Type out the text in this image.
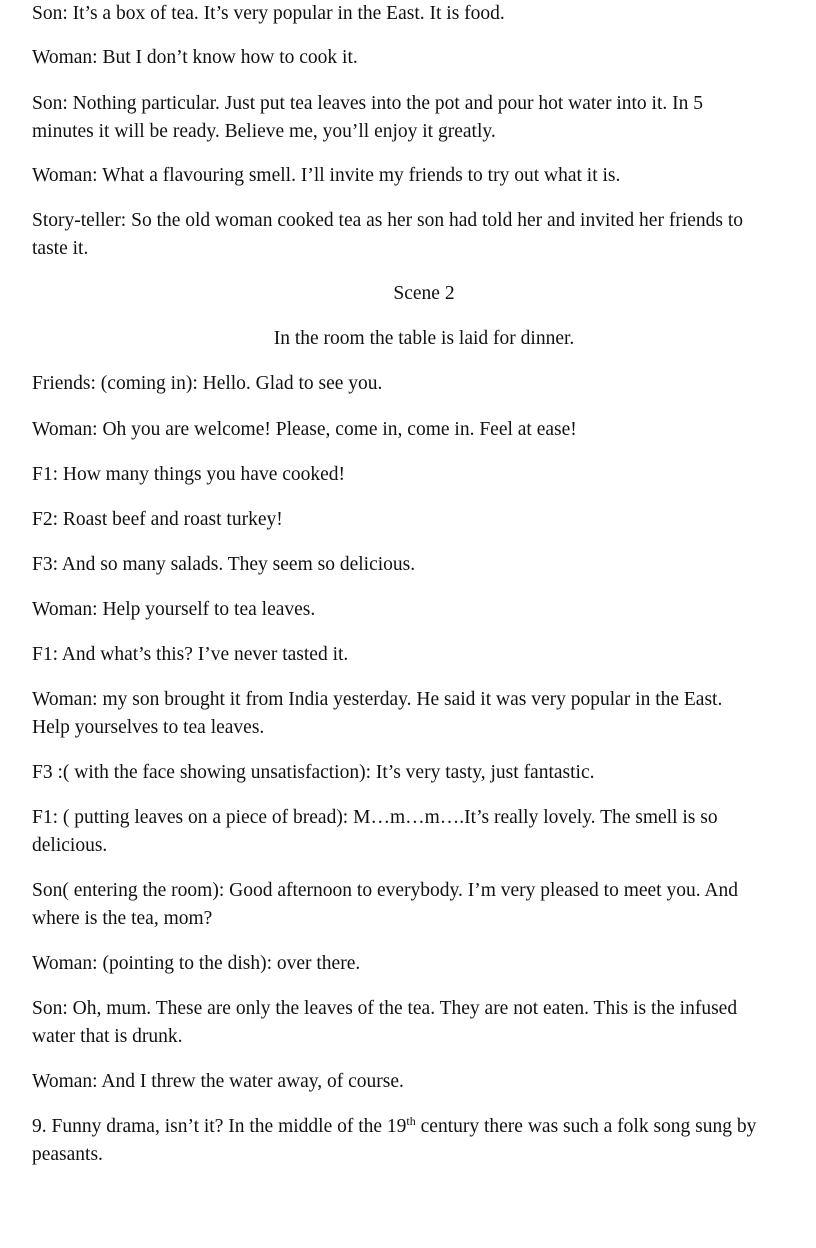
Son: It’s a box of tea. It’s very popular in the East. It is food.

Woman: But I don’t know how to cook it.

Son: Nothing particular. Just put tea leaves into the pot and pour hot water into it. In 5
minutes it will be ready. Believe me, you’ll enjoy it greatly.

Woman: What a flavouring smell. I’ll invite my friends to try out what it is.

Story-teller: So the old woman cooked tea as her son had told her and invited her friends to
taste it.

Scene 2

In the room the table is laid for dinner.

Friends: (coming in): Hello. Glad to see you.

Woman: Oh you are welcome! Please, come in, come in. Feel at ease!

F1: How many things you have cooked!

F2: Roast beef and roast turkey!

F3: And so many salads. They seem so delicious.

Woman: Help yourself to tea leaves.

F1: And what’s this? I’ve never tasted it.

Woman: my son brought it from India yesterday. He said it was very popular in the East.
Help yourselves to tea leaves.

F3 :( with the face showing unsatisfaction): It’s very tasty, just fantastic.

F1: ( putting leaves on a piece of bread): M…m…m….It’s really lovely. The smell is so
delicious.

Son( entering the room): Good afternoon to everybody. I’m very pleased to meet you. And
where is the tea, mom?

Woman: (pointing to the dish): over there.

Son: Oh, mum. These are only the leaves of the tea. They are not eaten. This is the infused
water that is drunk.

Woman: And I threw the water away, of course.

9. Funny drama, isn’t it? In the middle of the 19th century there was such a folk song sung by
peasants.
